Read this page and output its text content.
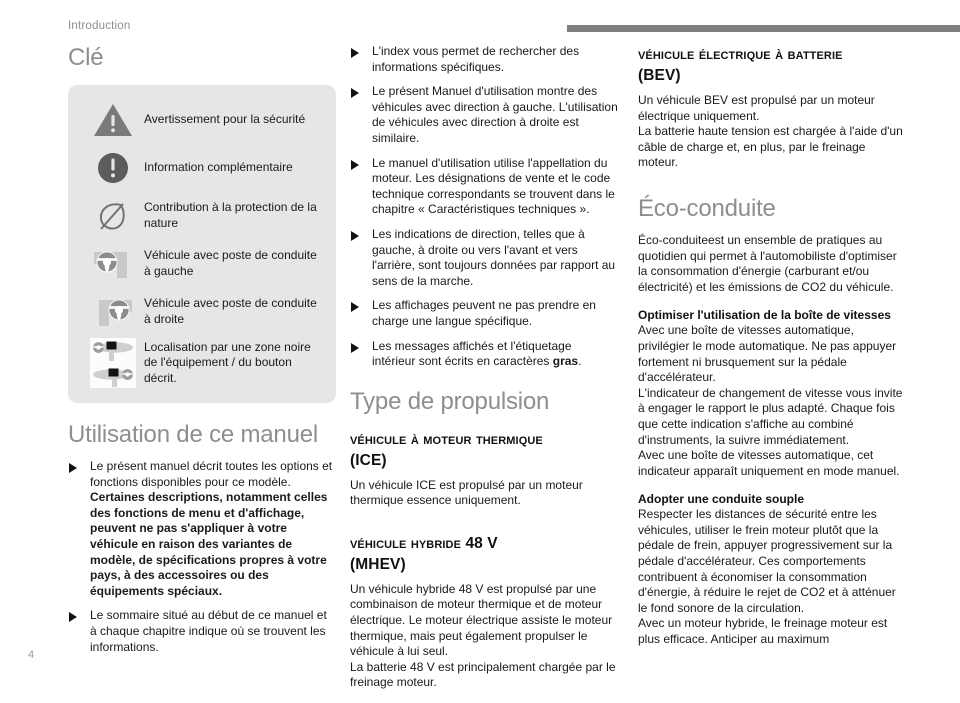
Introduction
Clé
Avertissement pour la sécurité
Information complémentaire
Contribution à la protection de la nature
Véhicule avec poste de conduite à gauche
Véhicule avec poste de conduite à droite
Localisation par une zone noire de l'équipement / du bouton décrit.
Utilisation de ce manuel
Le présent manuel décrit toutes les options et fonctions disponibles pour ce modèle. Certaines descriptions, notamment celles des fonctions de menu et d'affichage, peuvent ne pas s'appliquer à votre véhicule en raison des variantes de modèle, de spécifications propres à votre pays, à des accessoires ou des équipements spéciaux.
Le sommaire situé au début de ce manuel et à chaque chapitre indique où se trouvent les informations.
L'index vous permet de rechercher des informations spécifiques.
Le présent Manuel d'utilisation montre des véhicules avec direction à gauche. L'utilisation de véhicules avec direction à droite est similaire.
Le manuel d'utilisation utilise l'appellation du moteur. Les désignations de vente et le code technique correspondants se trouvent dans le chapitre « Caractéristiques techniques ».
Les indications de direction, telles que à gauche, à droite ou vers l'avant et vers l'arrière, sont toujours données par rapport au sens de la marche.
Les affichages peuvent ne pas prendre en charge une langue spécifique.
Les messages affichés et l'étiquetage intérieur sont écrits en caractères gras.
Type de propulsion
véhicule à moteur thermique
(ICE)

Un véhicule ICE est propulsé par un moteur thermique essence uniquement.

véhicule hybride 48 V
(MHEV)

Un véhicule hybride 48 V est propulsé par une combinaison de moteur thermique et de moteur électrique. Le moteur électrique assiste le moteur thermique, mais peut également propulser le véhicule à lui seul.

La batterie 48 V est principalement chargée par le freinage moteur.

véhicule électrique à batterie
(BEV)

Un véhicule BEV est propulsé par un moteur électrique uniquement.

La batterie haute tension est chargée à l'aide d'un câble de charge et, en plus, par le freinage moteur.

Éco-conduite

Éco-conduiteest un ensemble de pratiques au quotidien qui permet à l'automobiliste d'optimiser la consommation d'énergie (carburant et/ou électricité) et les émissions de CO2 du véhicule.

Optimiser l'utilisation de la boîte de vitesses

Avec une boîte de vitesses automatique, privilégier le mode automatique. Ne pas appuyer fortement ni brusquement sur la pédale d'accélérateur.

L'indicateur de changement de vitesse vous invite à engager le rapport le plus adapté. Chaque fois que cette indication s'affiche au combiné d'instruments, la suivre immédiatement.

Avec une boîte de vitesses automatique, cet indicateur apparaît uniquement en mode manuel.

Adopter une conduite souple

Respecter les distances de sécurité entre les véhicules, utiliser le frein moteur plutôt que la pédale de frein, appuyer progressivement sur la pédale d'accélérateur. Ces comportements contribuent à économiser la consommation d'énergie, à réduire le rejet de CO2 et à atténuer le fond sonore de la circulation.

Avec un moteur hybride, le freinage moteur est plus efficace. Anticiper au maximum

4
